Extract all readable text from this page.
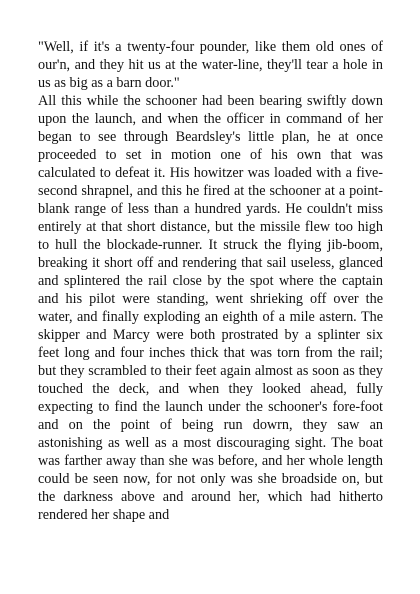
"Well, if it's a twenty-four pounder, like them old ones of our'n, and they hit us at the water-line, they'll tear a hole in us as big as a barn door."

All this while the schooner had been bearing swiftly down upon the launch, and when the officer in command of her began to see through Beardsley's little plan, he at once proceeded to set in motion one of his own that was calculated to defeat it. His howitzer was loaded with a five-second shrapnel, and this he fired at the schooner at a point-blank range of less than a hundred yards. He couldn't miss entirely at that short distance, but the missile flew too high to hull the blockade-runner. It struck the flying jib-boom, breaking it short off and rendering that sail useless, glanced and splintered the rail close by the spot where the captain and his pilot were standing, went shrieking off over the water, and finally exploding an eighth of a mile astern. The skipper and Marcy were both prostrated by a splinter six feet long and four inches thick that was torn from the rail; but they scrambled to their feet again almost as soon as they touched the deck, and when they looked ahead, fully expecting to find the launch under the schooner's fore-foot and on the point of being run dowrn, they saw an astonishing as well as a most discouraging sight. The boat was farther away than she was before, and her whole length could be seen now, for not only was she broadside on, but the darkness above and around her, which had hitherto rendered her shape and
